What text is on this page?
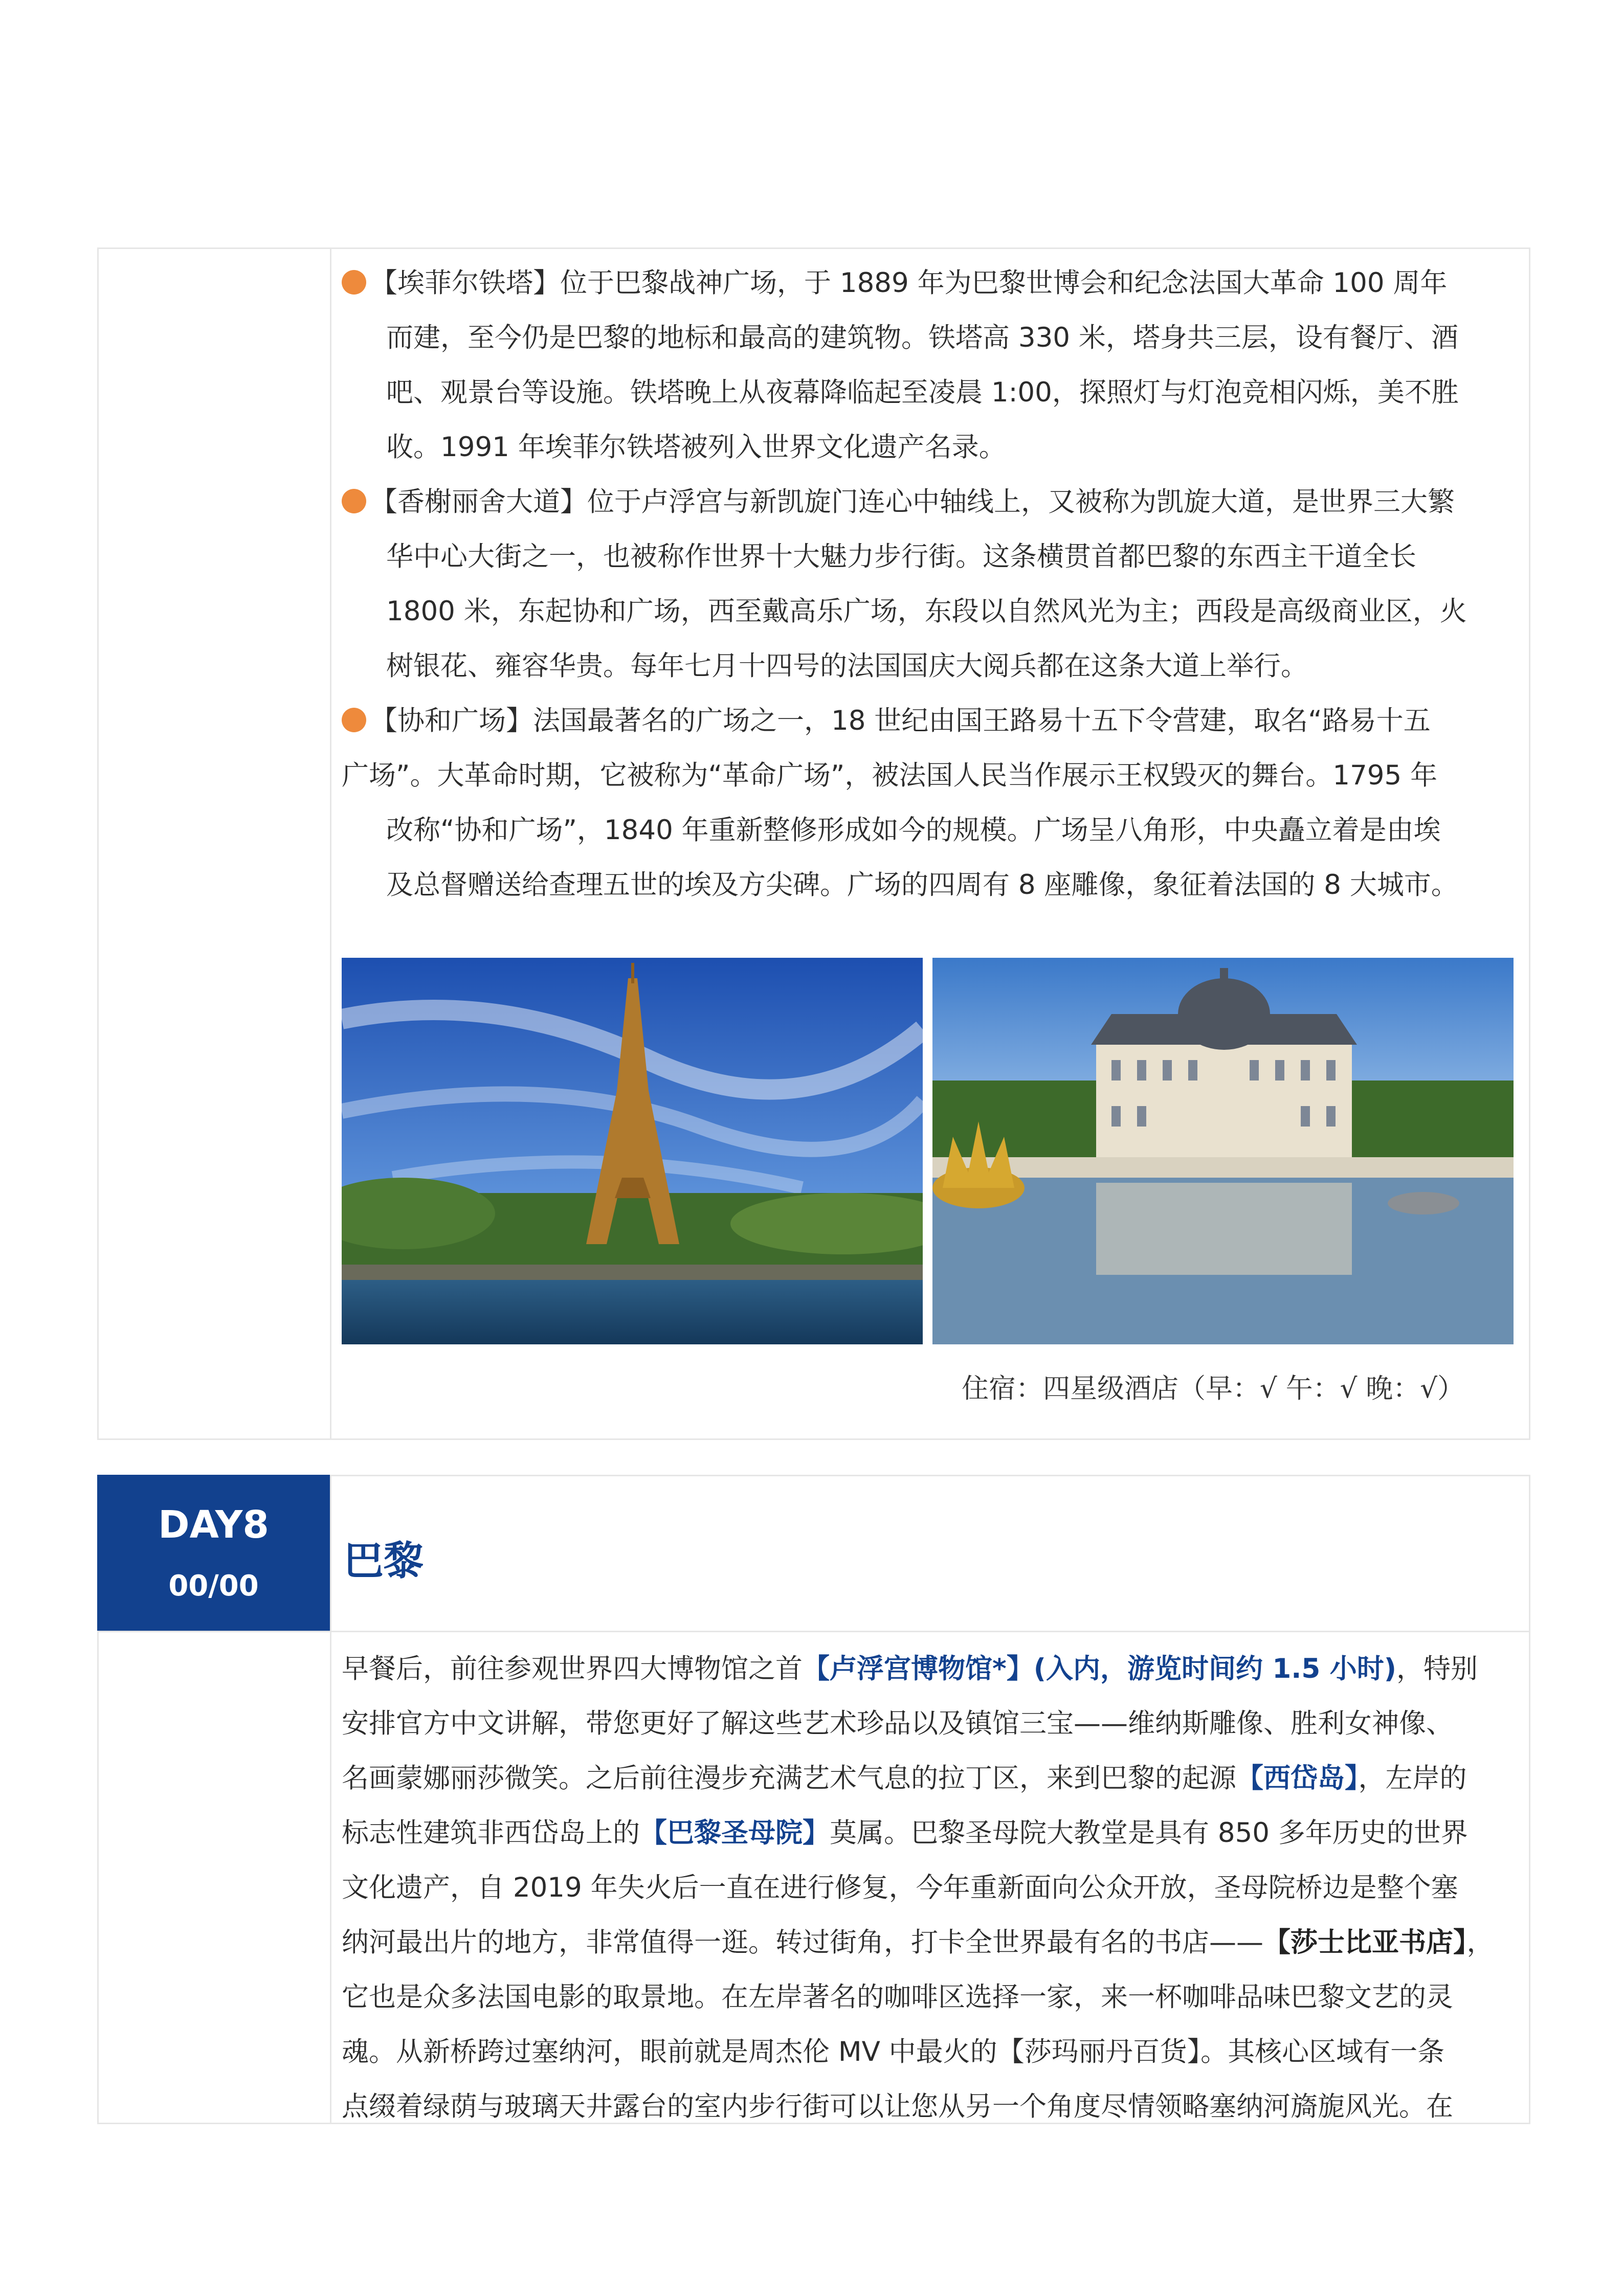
【埃菲尔铁塔】位于巴黎战神广场，于 1889 年为巴黎世博会和纪念法国大革命 100 周年
而建，至今仍是巴黎的地标和最高的建筑物。铁塔高 330 米，塔身共三层，设有餐厅、酒
吧、观景台等设施。铁塔晚上从夜幕降临起至凌晨 1:00，探照灯与灯泡竞相闪烁，美不胜
收。1991 年埃菲尔铁塔被列入世界文化遗产名录。
【香榭丽舍大道】位于卢浮宫与新凯旋门连心中轴线上，又被称为凯旋大道，是世界三大繁
华中心大街之一，也被称作世界十大魅力步行街。这条横贯首都巴黎的东西主干道全长
1800 米，东起协和广场，西至戴高乐广场，东段以自然风光为主；西段是高级商业区，火
树银花、雍容华贵。每年七月十四号的法国国庆大阅兵都在这条大道上举行。
【协和广场】法国最著名的广场之一，18 世纪由国王路易十五下令营建，取名“路易十五
广场”。大革命时期，它被称为“革命广场”，被法国人民当作展示王权毁灭的舞台。1795 年
改称“协和广场”，1840 年重新整修形成如今的规模。广场呈八角形，中央矗立着是由埃
及总督赠送给查理五世的埃及方尖碑。广场的四周有 8 座雕像，象征着法国的 8 大城市。
住宿：四星级酒店（早：√ 午：√ 晚：√）
DAY8
00/00
巴黎
早餐后，前往参观世界四大博物馆之首【卢浮宫博物馆*】(入内，游览时间约 1.5 小时)，特别
安排官方中文讲解，带您更好了解这些艺术珍品以及镇馆三宝——维纳斯雕像、胜利女神像、
名画蒙娜丽莎微笑。之后前往漫步充满艺术气息的拉丁区，来到巴黎的起源【西岱岛】，左岸的
标志性建筑非西岱岛上的【巴黎圣母院】莫属。巴黎圣母院大教堂是具有 850 多年历史的世界
文化遗产，自 2019 年失火后一直在进行修复，今年重新面向公众开放，圣母院桥边是整个塞
纳河最出片的地方，非常值得一逛。转过街角，打卡全世界最有名的书店——【莎士比亚书店】，
它也是众多法国电影的取景地。在左岸著名的咖啡区选择一家，来一杯咖啡品味巴黎文艺的灵
魂。从新桥跨过塞纳河，眼前就是周杰伦 MV 中最火的【莎玛丽丹百货】。其核心区域有一条
点缀着绿荫与玻璃天井露台的室内步行街可以让您从另一个角度尽情领略塞纳河旖旎风光。在
